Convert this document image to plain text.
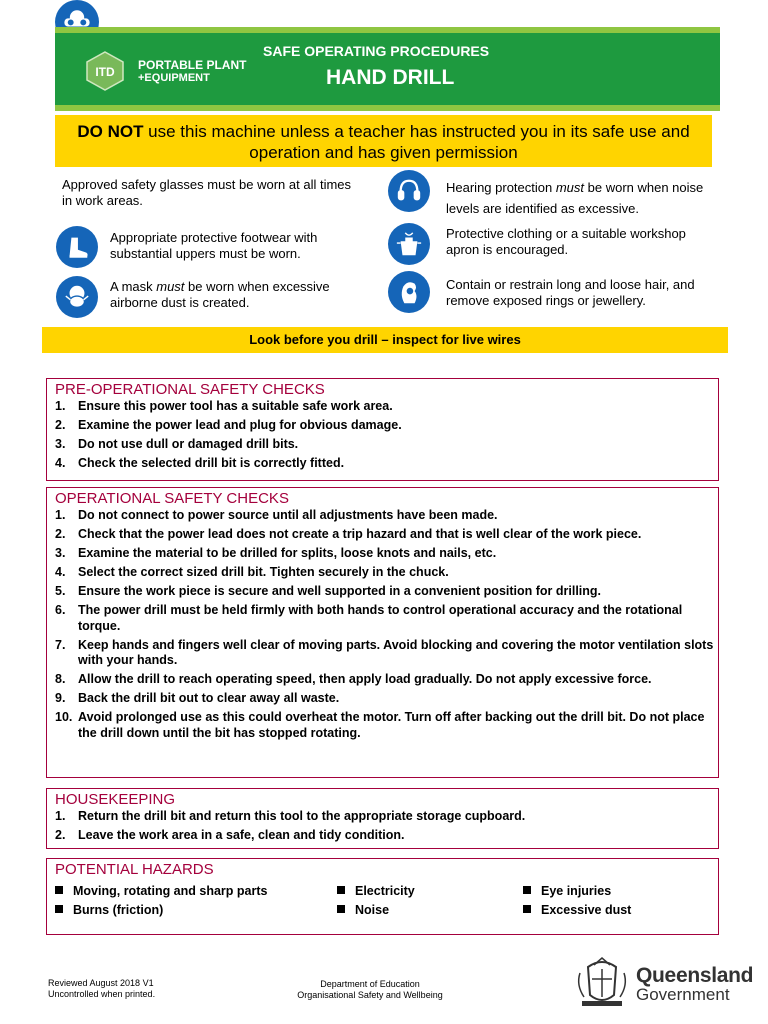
ITD PORTABLE PLANT
+EQUIPMENT
SAFE OPERATING PROCEDURES
HAND DRILL
DO NOT use this machine unless a teacher has instructed you in its safe use and operation and has given permission
Approved safety glasses must be worn at all times in work areas.
Hearing protection must be worn when noise levels are identified as excessive.
Appropriate protective footwear with substantial uppers must be worn.
Protective clothing or a suitable workshop apron is encouraged.
A mask must be worn when excessive airborne dust is created.
Contain or restrain long and loose hair, and remove exposed rings or jewellery.
Look before you drill – inspect for live wires
PRE-OPERATIONAL SAFETY CHECKS
1. Ensure this power tool has a suitable safe work area.
2. Examine the power lead and plug for obvious damage.
3. Do not use dull or damaged drill bits.
4. Check the selected drill bit is correctly fitted.
OPERATIONAL SAFETY CHECKS
1. Do not connect to power source until all adjustments have been made.
2. Check that the power lead does not create a trip hazard and that is well clear of the work piece.
3. Examine the material to be drilled for splits, loose knots and nails, etc.
4. Select the correct sized drill bit. Tighten securely in the chuck.
5. Ensure the work piece is secure and well supported in a convenient position for drilling.
6. The power drill must be held firmly with both hands to control operational accuracy and the rotational torque.
7. Keep hands and fingers well clear of moving parts. Avoid blocking and covering the motor ventilation slots with your hands.
8. Allow the drill to reach operating speed, then apply load gradually. Do not apply excessive force.
9. Back the drill bit out to clear away all waste.
10. Avoid prolonged use as this could overheat the motor. Turn off after backing out the drill bit. Do not place the drill down until the bit has stopped rotating.
HOUSEKEEPING
1. Return the drill bit and return this tool to the appropriate storage cupboard.
2. Leave the work area in a safe, clean and tidy condition.
POTENTIAL HAZARDS
Moving, rotating and sharp parts	Electricity	Eye injuries
Burns (friction)	Noise	Excessive dust
Reviewed August 2018 V1
Uncontrolled when printed.
Department of Education
Organisational Safety and Wellbeing
Queensland
Government
